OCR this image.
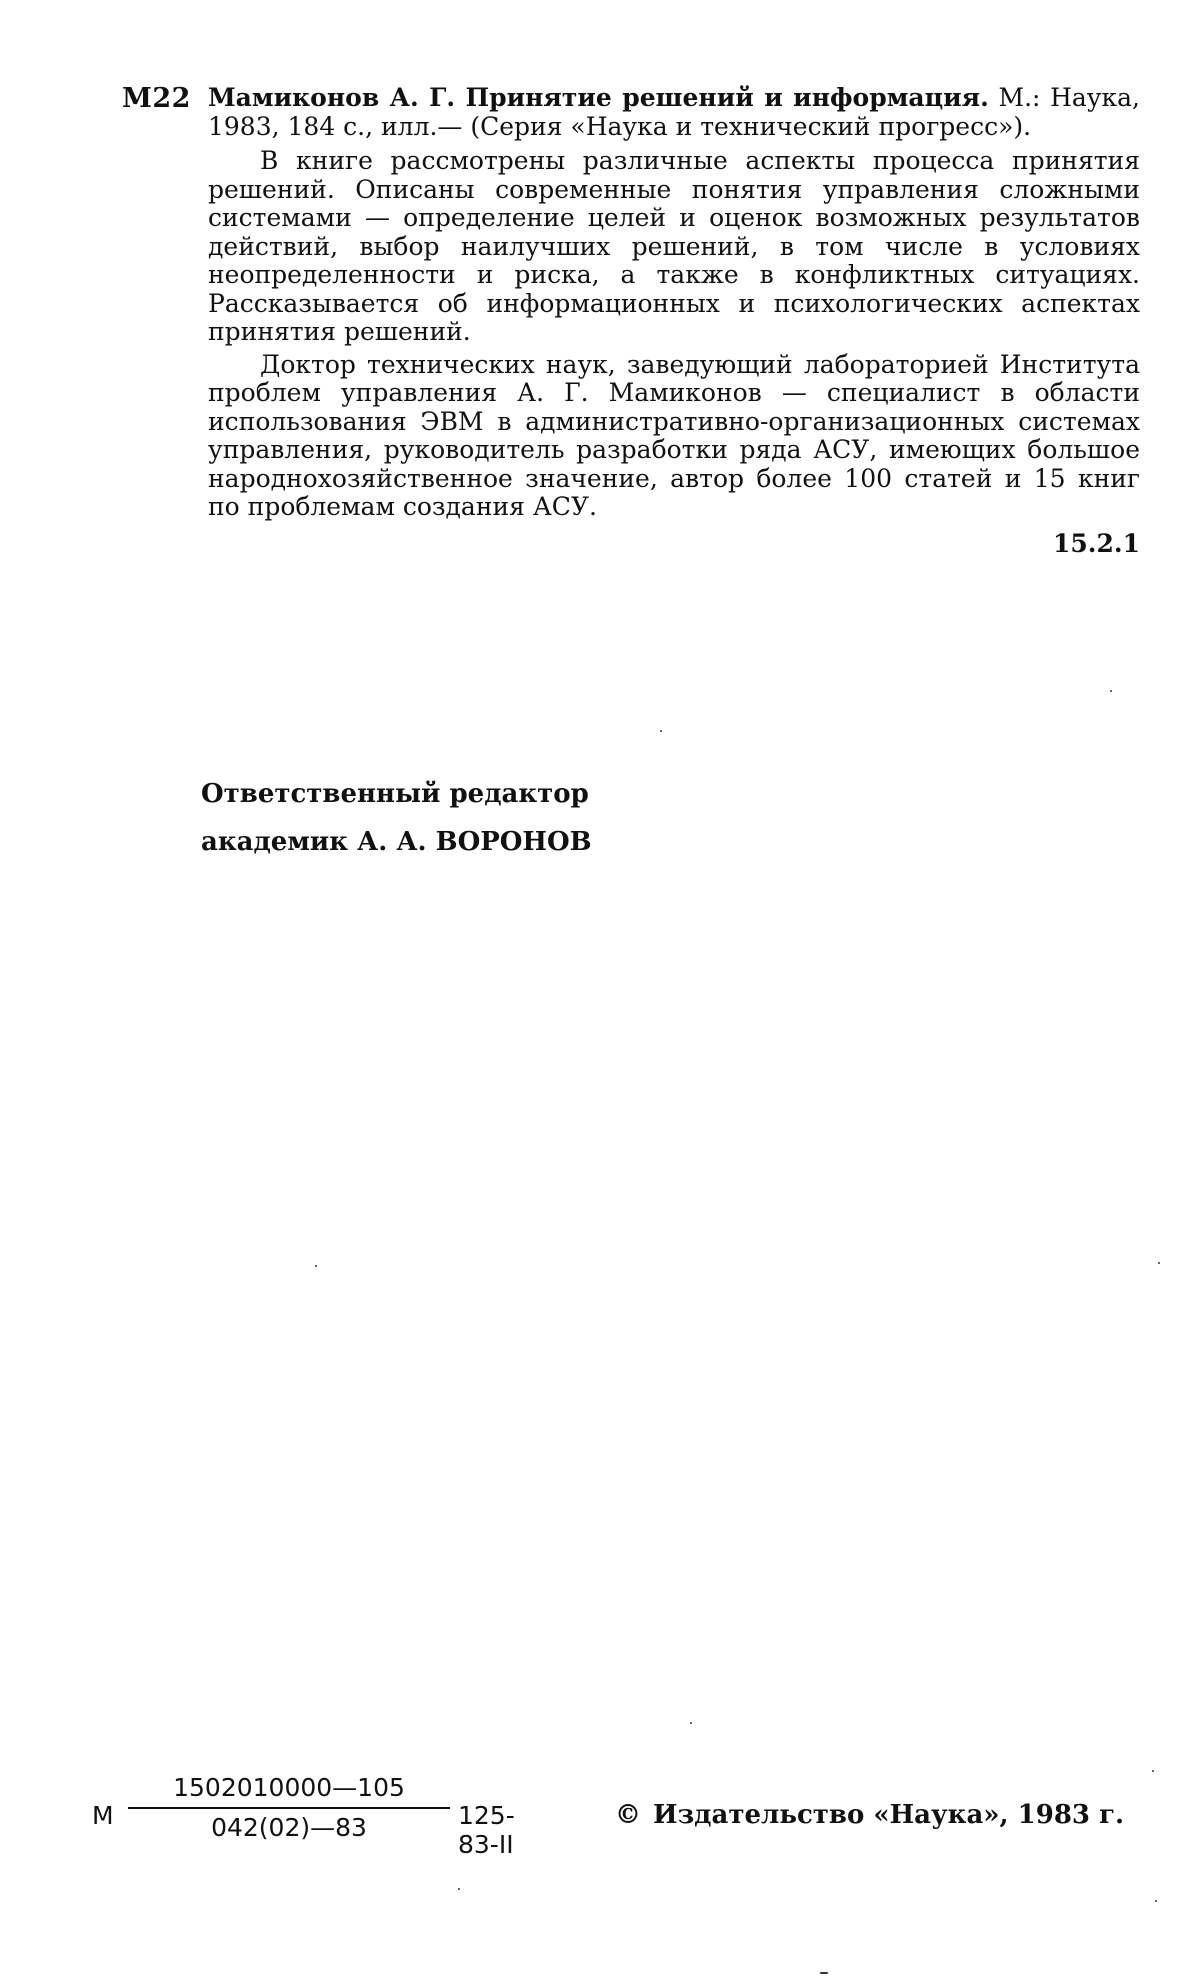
М22 Мамиконов А. Г. Принятие решений и информация. М.: Наука, 1983, 184 с., илл.— (Серия «Наука и технический прогресс»).

В книге рассмотрены различные аспекты процесса принятия решений. Описаны современные понятия управления сложными системами — определение целей и оценок возможных результатов действий, выбор наилучших решений, в том числе в условиях неопределенности и риска, а также в конфликтных ситуациях. Рассказывается об информационных и психологических аспектах принятия решений.

Доктор технических наук, заведующий лабораторией Института проблем управления А. Г. Мамиконов — специалист в области использования ЭВМ в административно-организационных системах управления, руководитель разработки ряда АСУ, имеющих большое народнохозяйственное значение, автор более 100 статей и 15 книг по проблемам создания АСУ.

15.2.1
Ответственный редактор
академик А. А. ВОРОНОВ
М
1502010000—105
042(02)—83	125-83-II
© Издательство «Наука», 1983 г.
